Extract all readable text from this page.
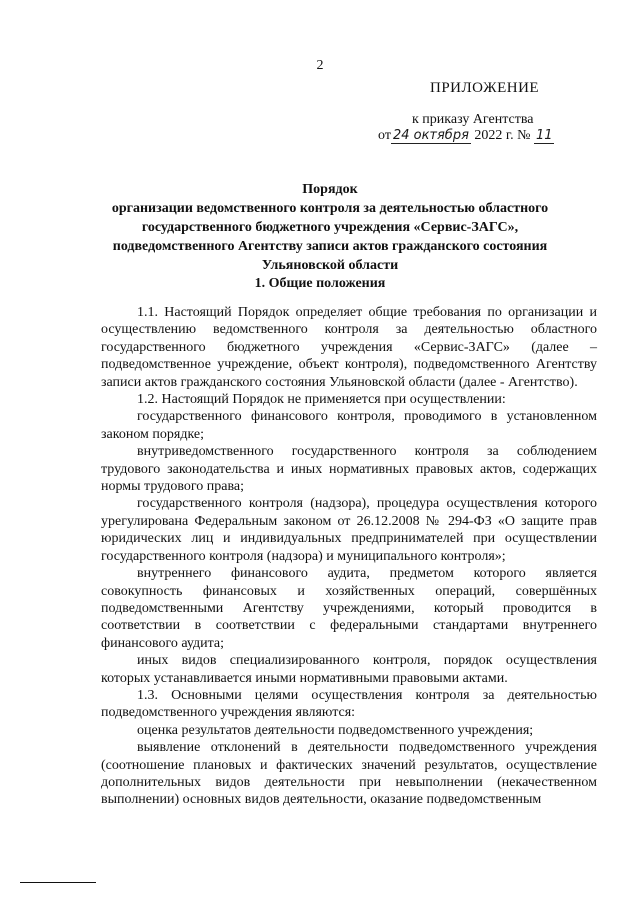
2
ПРИЛОЖЕНИЕ
к приказу Агентства
от 24 октября 2022 г. № 11
Порядок
организации ведомственного контроля за деятельностью областного
государственного бюджетного учреждения «Сервис-ЗАГС»,
подведомственного Агентству записи актов гражданского состояния
Ульяновской области
1. Общие положения

1.1. Настоящий Порядок определяет общие требования по организации и осуществлению ведомственного контроля за деятельностью областного государственного бюджетного учреждения «Сервис-ЗАГС» (далее – подведомственное учреждение, объект контроля), подведомственного Агентству записи актов гражданского состояния Ульяновской области (далее - Агентство).

1.2. Настоящий Порядок не применяется при осуществлении:

государственного финансового контроля, проводимого в установленном законом порядке;

внутриведомственного государственного контроля за соблюдением трудового законодательства и иных нормативных правовых актов, содержащих нормы трудового права;

государственного контроля (надзора), процедура осуществления которого урегулирована Федеральным законом от 26.12.2008 № 294-ФЗ «О защите прав юридических лиц и индивидуальных предпринимателей при осуществлении государственного контроля (надзора) и муниципального контроля»;

внутреннего финансового аудита, предметом которого является совокупность финансовых и хозяйственных операций, совершённых подведомственными Агентству учреждениями, который проводится в соответствии в соответствии с федеральными стандартами внутреннего финансового аудита;

иных видов специализированного контроля, порядок осуществления которых устанавливается иными нормативными правовыми актами.

1.3. Основными целями осуществления контроля за деятельностью подведомственного учреждения являются:

оценка результатов деятельности подведомственного учреждения;

выявление отклонений в деятельности подведомственного учреждения (соотношение плановых и фактических значений результатов, осуществление дополнительных видов деятельности при невыполнении (некачественном выполнении) основных видов деятельности, оказание подведомственным
